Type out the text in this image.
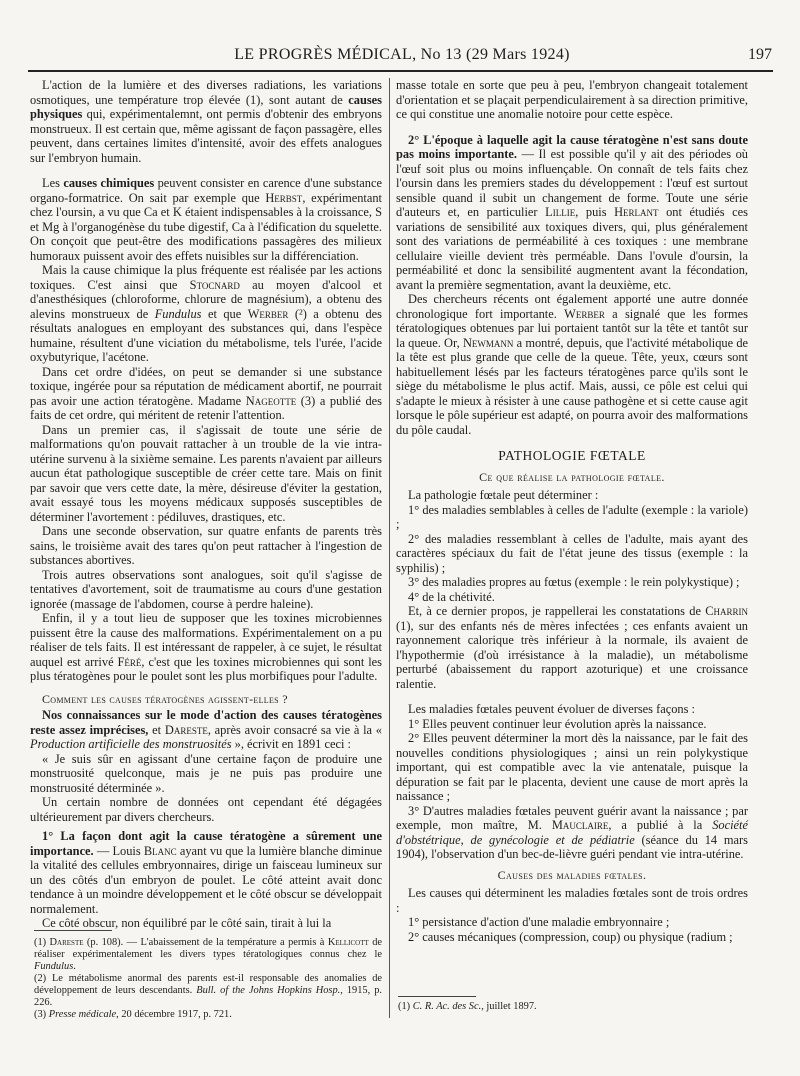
LE PROGRÈS MÉDICAL, No 13 (29 Mars 1924)	197

L'action de la lumière et des diverses radiations, les variations osmotiques, une température trop élevée (1), sont autant de causes physiques qui, expérimentalemnt, ont permis d'obtenir des embryons monstrueux. Il est certain que, même agissant de façon passagère, elles peuvent, dans certaines limites d'intensité, avoir des effets analogues sur l'embryon humain.

Les causes chimiques peuvent consister en carence d'une substance organo-formatrice. On sait par exemple que Herbst, expérimentant chez l'oursin, a vu que Ca et K étaient indispensables à la croissance, S et Mg à l'organogénèse du tube digestif, Ca à l'édification du squelette. On conçoit que peut-être des modifications passagères des milieux humoraux puissent avoir des effets nuisibles sur la différenciation.

Mais la cause chimique la plus fréquente est réalisée par les actions toxiques. C'est ainsi que Stocnard au moyen d'alcool et d'anesthésiques (chloroforme, chlorure de magnésium), a obtenu des alevins monstrueux de Fundulus et que Werber (²) a obtenu des résultats analogues en employant des substances qui, dans l'espèce humaine, résultent d'une viciation du métabolisme, tels l'urée, l'acide oxybutyrique, l'acétone.

Dans cet ordre d'idées, on peut se demander si une substance toxique, ingérée pour sa réputation de médicament abortif, ne pourrait pas avoir une action tératogène. Madame Nageotte (3) a publié des faits de cet ordre, qui méritent de retenir l'attention.

Dans un premier cas, il s'agissait de toute une série de malformations qu'on pouvait rattacher à un trouble de la vie intra-utérine survenu à la sixième semaine. Les parents n'avaient par ailleurs aucun état pathologique susceptible de créer cette tare. Mais on finit par savoir que vers cette date, la mère, désireuse d'éviter la gestation, avait essayé tous les moyens médicaux supposés susceptibles de déterminer l'avortement : pédiluves, drastiques, etc.

Dans une seconde observation, sur quatre enfants de parents très sains, le troisième avait des tares qu'on peut rattacher à l'ingestion de substances abortives.

Trois autres observations sont analogues, soit qu'il s'agisse de tentatives d'avortement, soit de traumatisme au cours d'une gestation ignorée (massage de l'abdomen, course à perdre haleine).

Enfin, il y a tout lieu de supposer que les toxines microbiennes puissent être la cause des malformations. Expérimentalement on a pu réaliser de tels faits. Il est intéressant de rappeler, à ce sujet, le résultat auquel est arrivé Féré, c'est que les toxines microbiennes qui sont les plus tératogènes pour le poulet sont les plus morbifiques pour l'adulte.

Comment les causes tératogènes agissent-elles ?

Nos connaissances sur le mode d'action des causes tératogènes reste assez imprécises, et Dareste, après avoir consacré sa vie à la « Production artificielle des monstruosités », écrivit en 1891 ceci :

« Je suis sûr en agissant d'une certaine façon de produire une monstruosité quelconque, mais je ne puis pas produire une monstruosité déterminée ».

Un certain nombre de données ont cependant été dégagées ultérieurement par divers chercheurs.

1° La façon dont agit la cause tératogène a sûrement une importance. — Louis Blanc ayant vu que la lumière blanche diminue la vitalité des cellules embryonnaires, dirige un faisceau lumineux sur un des côtés d'un embryon de poulet. Le côté atteint avait donc tendance à un moindre développement et le côté obscur se développait normalement.

Ce côté obscur, non équilibré par le côté sain, tirait à lui la

(1) Dareste (p. 108). — L'abaissement de la température a permis à Kellicott de réaliser expérimentalement les divers types tératologiques connus chez le Fundulus.

(2) Le métabolisme anormal des parents est-il responsable des anomalies de développement de leurs descendants. Bull. of the Johns Hopkins Hosp., 1915, p. 226.

(3) Presse médicale, 20 décembre 1917, p. 721.

masse totale en sorte que peu à peu, l'embryon changeait totalement d'orientation et se plaçait perpendiculairement à sa direction primitive, ce qui constitue une anomalie notoire pour cette espèce.

2° L'époque à laquelle agit la cause tératogène n'est sans doute pas moins importante. — Il est possible qu'il y ait des périodes où l'œuf soit plus ou moins influençable. On connaît de tels faits chez l'oursin dans les premiers stades du développement : l'œuf est surtout sensible quand il subit un changement de forme. Toute une série d'auteurs et, en particulier Lillie, puis Herlant ont étudiés ces variations de sensibilité aux toxiques divers, qui, plus généralement sont des variations de perméabilité à ces toxiques : une membrane cellulaire vieille devient très perméable. Dans l'ovule d'oursin, la perméabilité et donc la sensibilité augmentent avant la fécondation, avant la première segmentation, avant la deuxième, etc.

Des chercheurs récents ont également apporté une autre donnée chronologique fort importante. Werber a signalé que les formes tératologiques obtenues par lui portaient tantôt sur la tête et tantôt sur la queue. Or, Newmann a montré, depuis, que l'activité métabolique de la tête est plus grande que celle de la queue. Tête, yeux, cœurs sont habituellement lésés par les facteurs tératogènes parce qu'ils sont le siège du métabolisme le plus actif. Mais, aussi, ce pôle est celui qui s'adapte le mieux à résister à une cause pathogène et si cette cause agit lorsque le pôle supérieur est adapté, on pourra avoir des malformations du pôle caudal.

PATHOLOGIE FŒTALE
Ce que réalise la pathologie fœtale.

La pathologie fœtale peut déterminer :

1° des maladies semblables à celles de l'adulte (exemple : la variole) ;

2° des maladies ressemblant à celles de l'adulte, mais ayant des caractères spéciaux du fait de l'état jeune des tissus (exemple : la syphilis) ;

3° des maladies propres au fœtus (exemple : le rein polykystique) ;

4° de la chétivité.

Et, à ce dernier propos, je rappellerai les constatations de Charrin (1), sur des enfants nés de mères infectées ; ces enfants avaient un rayonnement calorique très inférieur à la normale, ils avaient de l'hypothermie (d'où irrésistance à la maladie), un métabolisme perturbé (abaissement du rapport azoturique) et une croissance ralentie.

Les maladies fœtales peuvent évoluer de diverses façons :

1° Elles peuvent continuer leur évolution après la naissance.

2° Elles peuvent déterminer la mort dès la naissance, par le fait des nouvelles conditions physiologiques ; ainsi un rein polykystique important, qui est compatible avec la vie antenatale, puisque la dépuration se fait par le placenta, devient une cause de mort après la naissance ;

3° D'autres maladies fœtales peuvent guérir avant la naissance ; par exemple, mon maître, M. Mauclaire, a publié à la Société d'obstétrique, de gynécologie et de pédiatrie (séance du 14 mars 1904), l'observation d'un bec-de-lièvre guéri pendant vie intra-utérine.

Causes des maladies fœtales.

Les causes qui déterminent les maladies fœtales sont de trois ordres :

1° persistance d'action d'une maladie embryonnaire ;

2° causes mécaniques (compression, coup) ou physique (radium ;

(1) C. R. Ac. des Sc., juillet 1897.
